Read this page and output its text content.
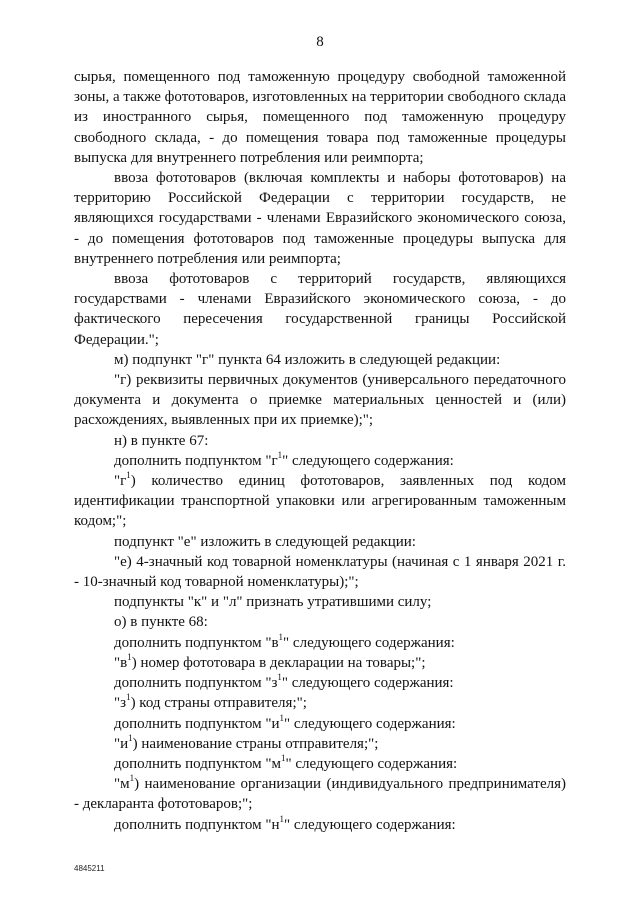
8

сырья, помещенного под таможенную процедуру свободной таможенной зоны, а также фототоваров, изготовленных на территории свободного склада из иностранного сырья, помещенного под таможенную процедуру свободного склада, - до помещения товара под таможенные процедуры выпуска для внутреннего потребления или реимпорта;

ввоза фототоваров (включая комплекты и наборы фототоваров) на территорию Российской Федерации с территории государств, не являющихся государствами - членами Евразийского экономического союза, - до помещения фототоваров под таможенные процедуры выпуска для внутреннего потребления или реимпорта;

ввоза фототоваров с территорий государств, являющихся государствами - членами Евразийского экономического союза, - до фактического пересечения государственной границы Российской Федерации.";

м) подпункт "г" пункта 64 изложить в следующей редакции:

"г) реквизиты первичных документов (универсального передаточного документа и документа о приемке материальных ценностей и (или) расхождениях, выявленных при их приемке);";

н) в пункте 67:

дополнить подпунктом "$г^1$" следующего содержания:

"$г^1$) количество единиц фототоваров, заявленных под кодом идентификации транспортной упаковки или агрегированным таможенным кодом;";

подпункт "е" изложить в следующей редакции:

"е) 4-значный код товарной номенклатуры (начиная с 1 января 2021 г. - 10-значный код товарной номенклатуры);";

подпункты "к" и "л" признать утратившими силу;

о) в пункте 68:

дополнить подпунктом "$в^1$" следующего содержания:

"$в^1$) номер фототовара в декларации на товары;";

дополнить подпунктом "$з^1$" следующего содержания:

"$з^1$) код страны отправителя;";

дополнить подпунктом "$и^1$" следующего содержания:

"$и^1$) наименование страны отправителя;";

дополнить подпунктом "$м^1$" следующего содержания:

"$м^1$) наименование организации (индивидуального предпринимателя) - декларанта фототоваров;";

дополнить подпунктом "$н^1$" следующего содержания:

4845211
